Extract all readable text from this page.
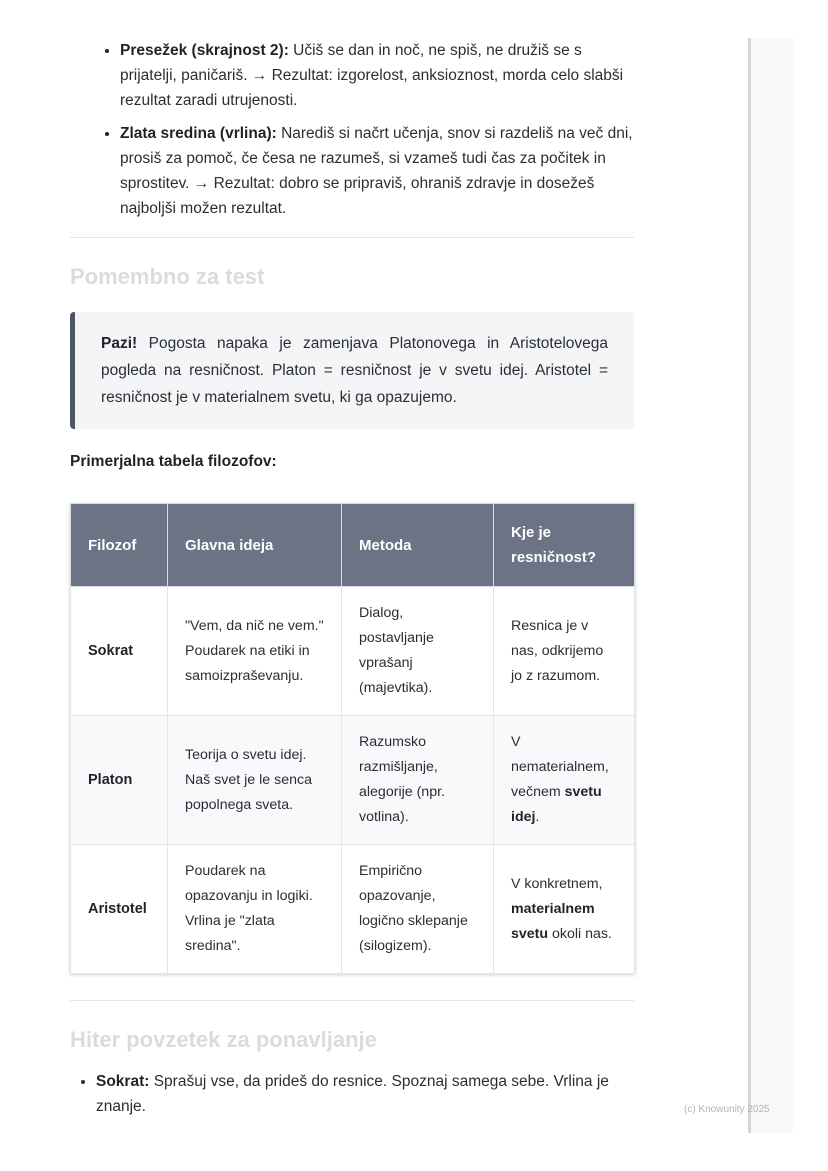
• Presežek (skrajnost 2): Učiš se dan in noč, ne spiš, ne družiš se s prijatelji, paničariš. → Rezultat: izgorelost, anksioznost, morda celo slabši rezultat zaradi utrujenosti.
• Zlata sredina (vrlina): Narediš si načrt učenja, snov si razdeliš na več dni, prosiš za pomoč, če česa ne razumeš, si vzameš tudi čas za počitek in sprostitev. → Rezultat: dobro se pripraviš, ohraniš zdravje in dosežeš najboljši možen rezultat.
Pomembno za test
Pazi! Pogosta napaka je zamenjava Platonovega in Aristotelovega pogleda na resničnost. Platon = resničnost je v svetu idej. Aristotel = resničnost je v materialnem svetu, ki ga opazujemo.
Primerjalna tabela filozofov:
Filozof	Glavna ideja	Metoda	Kje je resničnost?
Sokrat	"Vem, da nič ne vem." Poudarek na etiki in samoizpraševanju.	Dialog, postavljanje vprašanj (majevtika).	Resnica je v nas, odkrijemo jo z razumom.
Platon	Teorija o svetu idej. Naš svet je le senca popolnega sveta.	Razumsko razmišljanje, alegorije (npr. votlina).	V nematerialnem, večnem svetu idej.
Aristotel	Poudarek na opazovanju in logiki. Vrlina je "zlata sredina".	Empirično opazovanje, logično sklepanje (silogizem).	V konkretnem, materialnem svetu okoli nas.
Hiter povzetek za ponavljanje
• Sokrat: Sprašuj vse, da prideš do resnice. Spoznaj samega sebe. Vrlina je znanje.	(c) Knowunity 2025
